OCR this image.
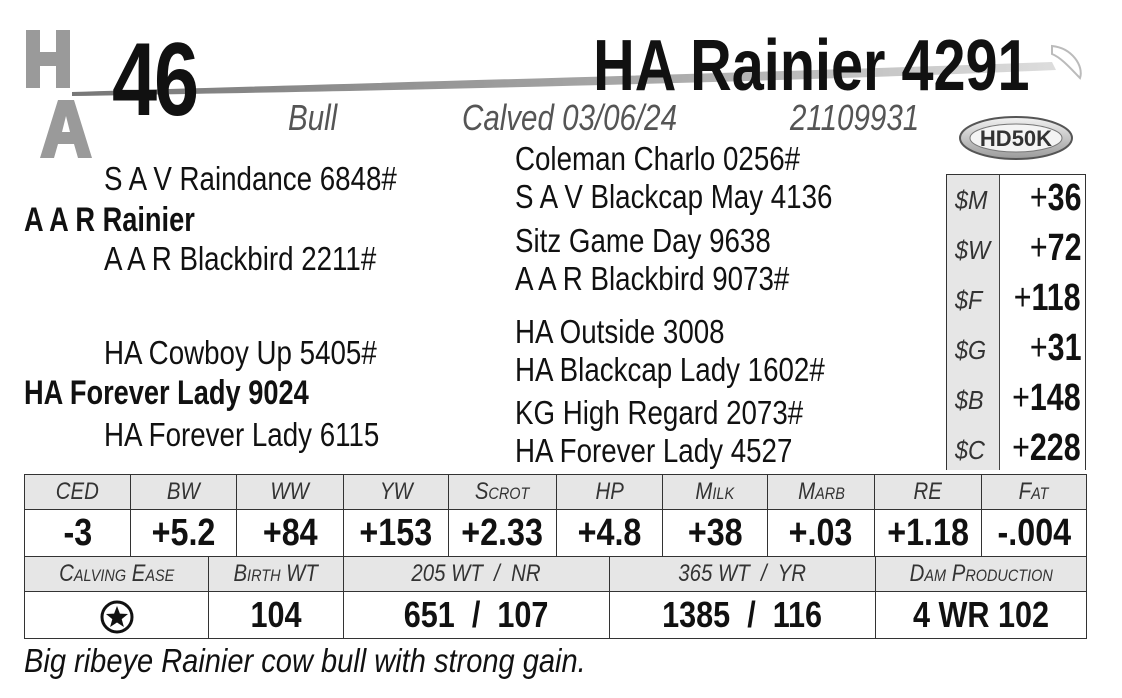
46	HA Rainier 4291
Bull	Calved 03/06/24	21109931
HD50K
S A V Raindance 6848#
A A R Rainier
A A R Blackbird 2211#
Coleman Charlo 0256#
S A V Blackcap May 4136
Sitz Game Day 9638
A A R Blackbird 9073#
HA Cowboy Up 5405#
HA Forever Lady 9024
HA Forever Lady 6115
HA Outside 3008
HA Blackcap Lady 1602#
KG High Regard 2073#
HA Forever Lady 4527
$M +36
$W +72
$F +118
$G +31
$B +148
$C +228
CED	BW	WW	YW	Scrot	HP	Milk	Marb	RE	Fat
-3	+5.2	+84	+153	+2.33	+4.8	+38	+.03	+1.18	-.004
Calving Ease	Birth WT	205 WT  /  NR	365 WT  /  YR	Dam Production
	104	651  /  107	1385  /  116	4 WR 102
Big ribeye Rainier cow bull with strong gain.
